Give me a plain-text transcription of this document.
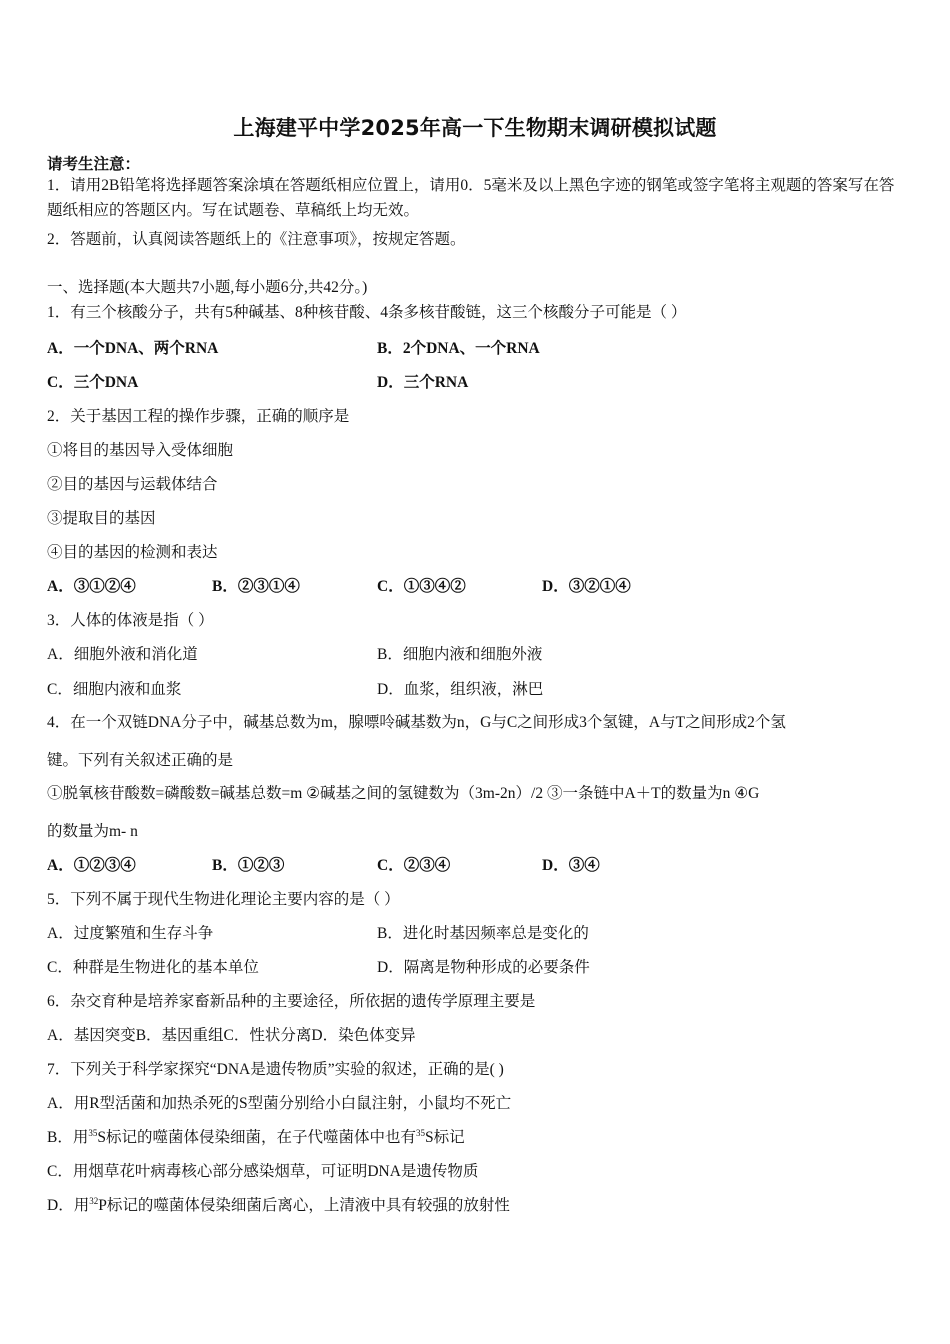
上海建平中学2025年高一下生物期末调研模拟试题
请考生注意：
1．请用2B铅笔将选择题答案涂填在答题纸相应位置上，请用0．5毫米及以上黑色字迹的钢笔或签字笔将主观题的答案写在答题纸相应的答题区内。写在试题卷、草稿纸上均无效。
2．答题前，认真阅读答题纸上的《注意事项》，按规定答题。
一、选择题(本大题共7小题,每小题6分,共42分。)
1．有三个核酸分子，共有5种碱基、8种核苷酸、4条多核苷酸链，这三个核酸分子可能是（ ）
A．一个DNA、两个RNA	B．2个DNA、一个RNA
C．三个DNA	D．三个RNA
2．关于基因工程的操作步骤，正确的顺序是
①将目的基因导入受体细胞
②目的基因与运载体结合
③提取目的基因
④目的基因的检测和表达
A．③①②④	B．②③①④	C．①③④②	D．③②①④
3．人体的体液是指（ ）
A．细胞外液和消化道	B．细胞内液和细胞外液
C．细胞内液和血浆	D．血浆，组织液，淋巴
4．在一个双链DNA分子中，碱基总数为m，腺嘌呤碱基数为n，G与C之间形成3个氢键，A与T之间形成2个氢
键。下列有关叙述正确的是
①脱氧核苷酸数=磷酸数=碱基总数=m ②碱基之间的氢键数为（3m-2n）/2 ③一条链中A＋T的数量为n ④G
的数量为m- n
A．①②③④	B．①②③	C．②③④	D．③④
5．下列不属于现代生物进化理论主要内容的是（ ）
A．过度繁殖和生存斗争	B．进化时基因频率总是变化的
C．种群是生物进化的基本单位	D．隔离是物种形成的必要条件
6．杂交育种是培养家畜新品种的主要途径，所依据的遗传学原理主要是
A．基因突变B．基因重组C．性状分离D．染色体变异
7．下列关于科学家探究“DNA是遗传物质”实验的叙述，正确的是( )
A．用R型活菌和加热杀死的S型菌分别给小白鼠注射，小鼠均不死亡
B．用$^{35}$S标记的噬菌体侵染细菌，在子代噬菌体中也有$^{35}$S标记
C．用烟草花叶病毒核心部分感染烟草，可证明DNA是遗传物质
D．用$^{32}$P标记的噬菌体侵染细菌后离心，上清液中具有较强的放射性
